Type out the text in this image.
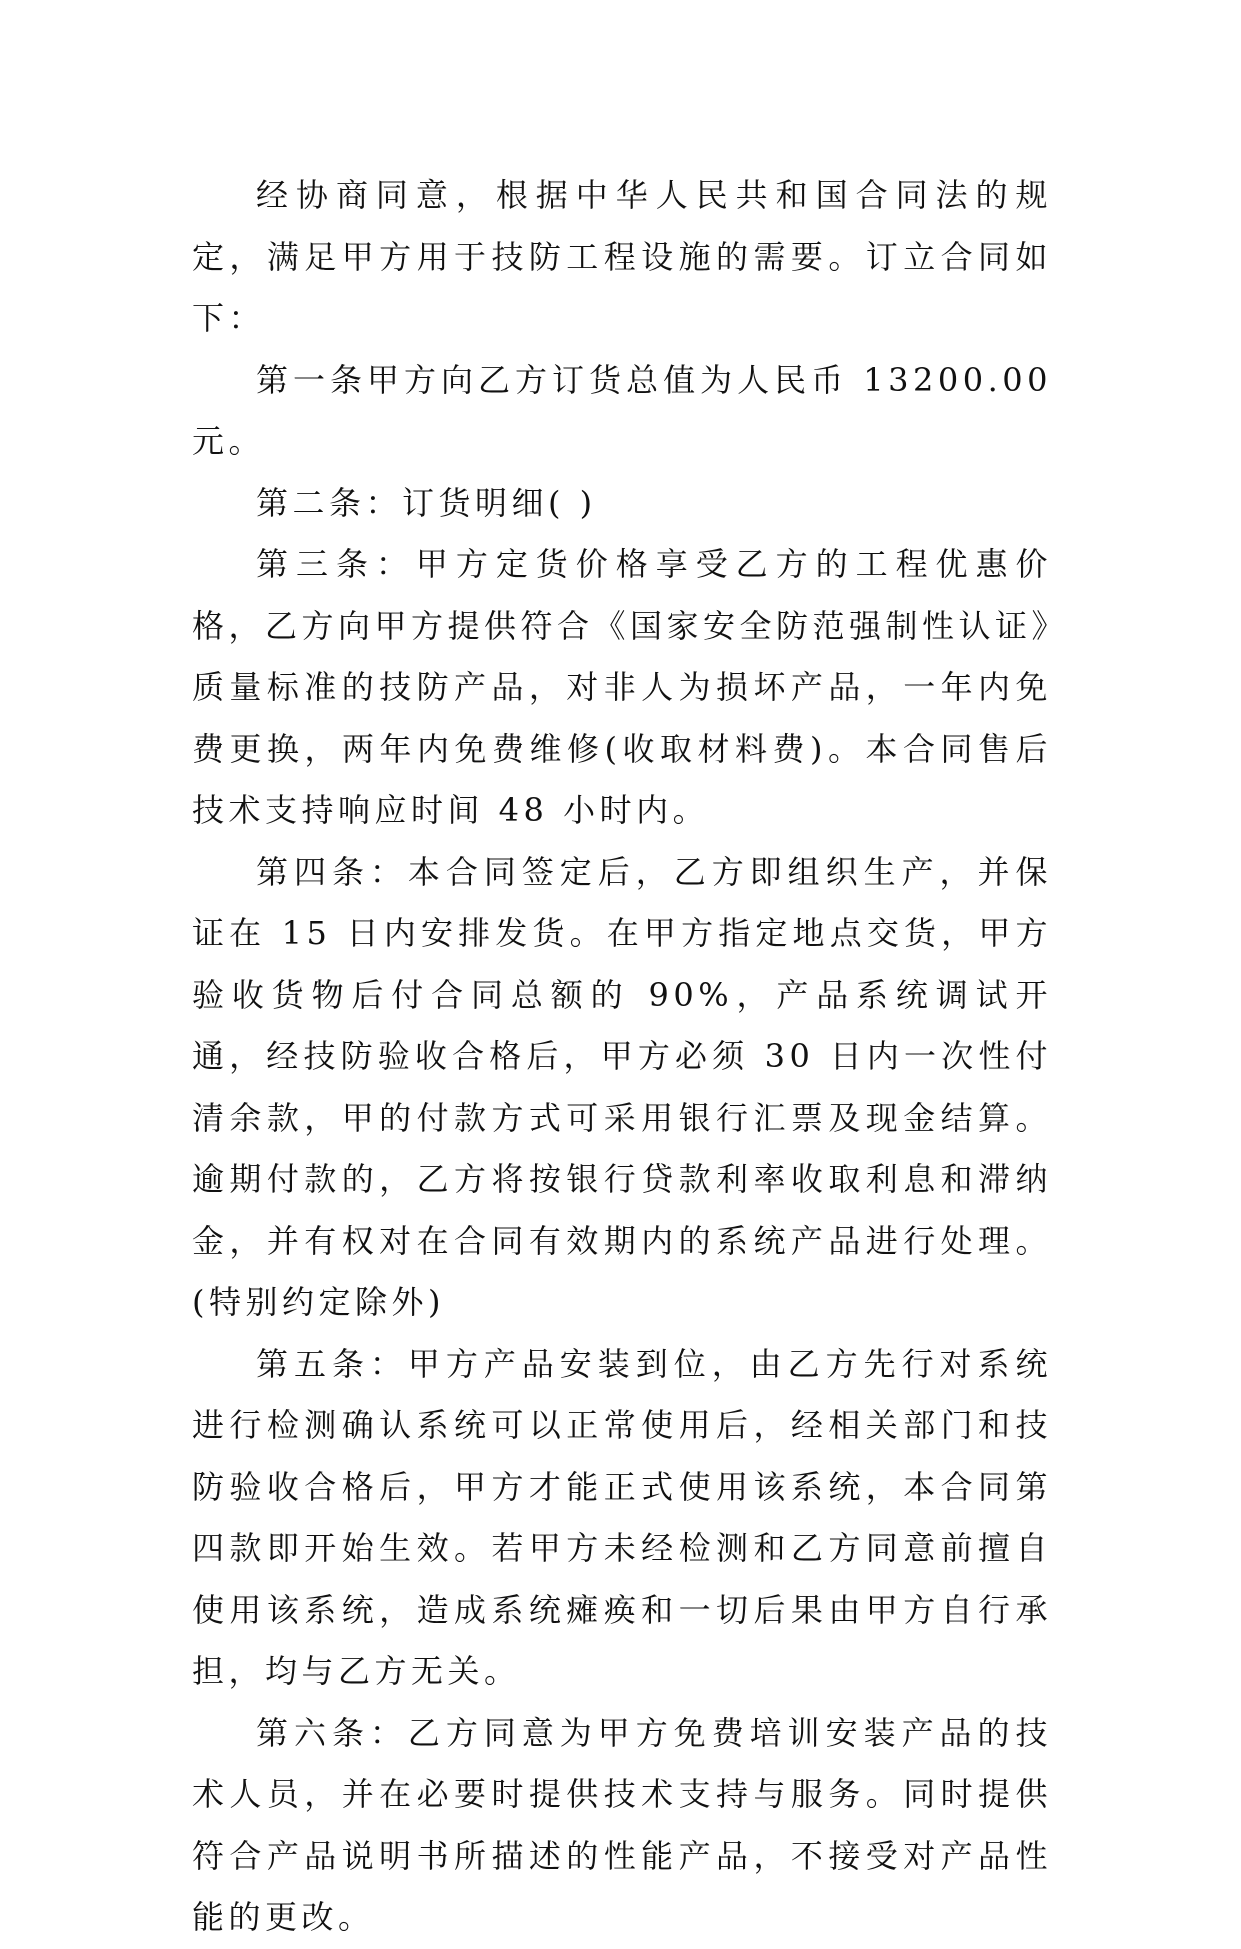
经协商同意，根据中华人民共和国合同法的规定，满足甲方用于技防工程设施的需要。订立合同如下：

第一条甲方向乙方订货总值为人民币 13200.00 元。

第二条：订货明细( )

第三条：甲方定货价格享受乙方的工程优惠价格，乙方向甲方提供符合《国家安全防范强制性认证》质量标准的技防产品，对非人为损坏产品，一年内免费更换，两年内免费维修(收取材料费)。本合同售后技术支持响应时间 48 小时内。

第四条：本合同签定后，乙方即组织生产，并保证在 15 日内安排发货。在甲方指定地点交货，甲方验收货物后付合同总额的 90%，产品系统调试开通，经技防验收合格后，甲方必须 30 日内一次性付清余款，甲的付款方式可采用银行汇票及现金结算。逾期付款的，乙方将按银行贷款利率收取利息和滞纳金，并有权对在合同有效期内的系统产品进行处理。(特别约定除外)

第五条：甲方产品安装到位，由乙方先行对系统进行检测确认系统可以正常使用后，经相关部门和技防验收合格后，甲方才能正式使用该系统，本合同第四款即开始生效。若甲方未经检测和乙方同意前擅自使用该系统，造成系统瘫痪和一切后果由甲方自行承担，均与乙方无关。

第六条：乙方同意为甲方免费培训安装产品的技术人员，并在必要时提供技术支持与服务。同时提供符合产品说明书所描述的性能产品，不接受对产品性能的更改。
